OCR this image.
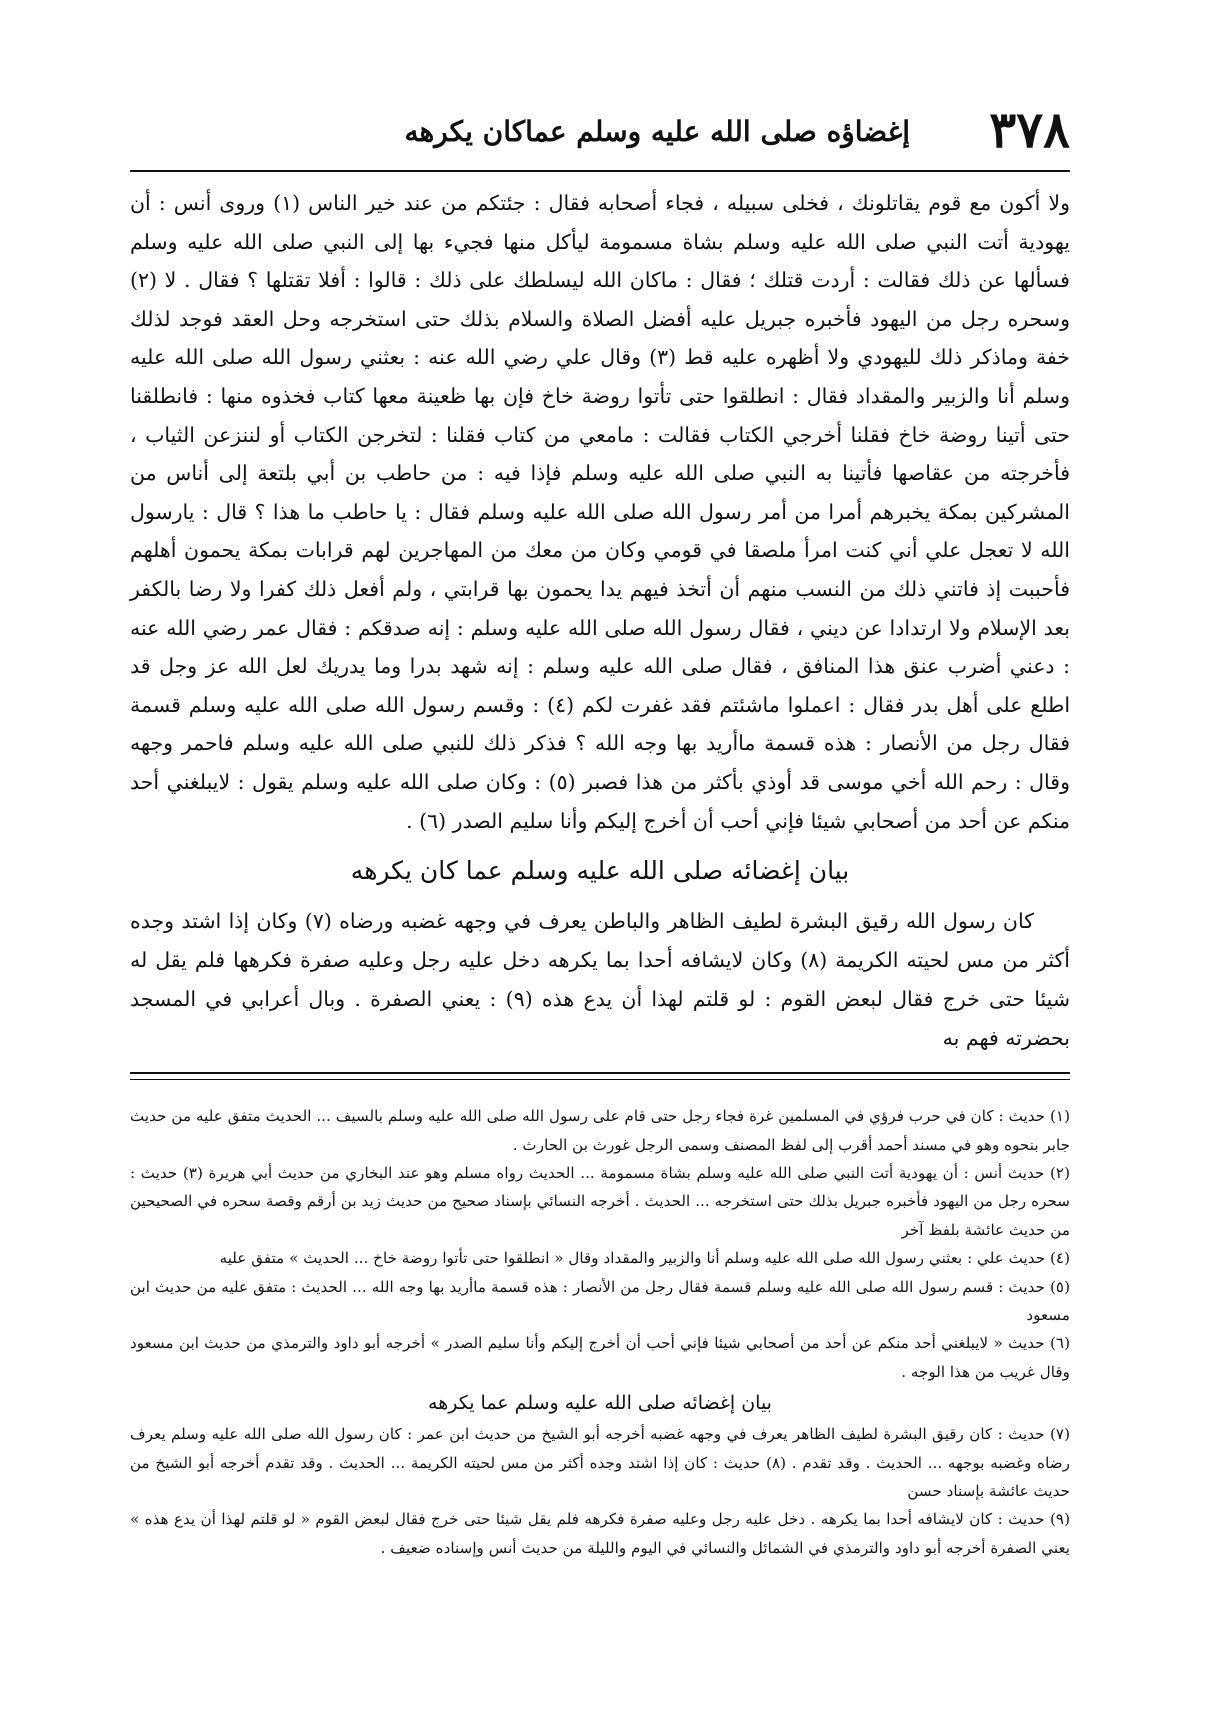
٣٧٨
إغضاؤه صلى الله عليه وسلم عماكان يكرهه

ولا أكون مع قوم يقاتلونك ، فخلى سبيله ، فجاء أصحابه فقال : جئتكم من عند خير الناس (١) وروى أنس : أن يهودية أتت النبي صلى الله عليه وسلم بشاة مسمومة ليأكل منها فجيء بها إلى النبي صلى الله عليه وسلم فسألها عن ذلك فقالت : أردت قتلك ؛ فقال : ماكان الله ليسلطك على ذلك : قالوا : أفلا تقتلها ؟ فقال . لا (٢) وسحره رجل من اليهود فأخبره جبريل عليه أفضل الصلاة والسلام بذلك حتى استخرجه وحل العقد فوجد لذلك خفة وماذكر ذلك لليهودي ولا أظهره عليه قط (٣) وقال علي رضي الله عنه : بعثني رسول الله صلى الله عليه وسلم أنا والزبير والمقداد فقال : انطلقوا حتى تأتوا روضة خاخ فإن بها ظعينة معها كتاب فخذوه منها : فانطلقنا حتى أتينا روضة خاخ فقلنا أخرجي الكتاب فقالت : مامعي من كتاب فقلنا : لتخرجن الكتاب أو لننزعن الثياب ، فأخرجته من عقاصها فأتينا به النبي صلى الله عليه وسلم فإذا فيه : من حاطب بن أبي بلتعة إلى أناس من المشركين بمكة يخبرهم أمرا من أمر رسول الله صلى الله عليه وسلم فقال : يا حاطب ما هذا ؟ قال : يارسول الله لا تعجل علي أني كنت امرأ ملصقا في قومي وكان من معك من المهاجرين لهم قرابات بمكة يحمون أهلهم فأحببت إذ فاتني ذلك من النسب منهم أن أتخذ فيهم يدا يحمون بها قرابتي ، ولم أفعل ذلك كفرا ولا رضا بالكفر بعد الإسلام ولا ارتدادا عن ديني ، فقال رسول الله صلى الله عليه وسلم : إنه صدقكم : فقال عمر رضي الله عنه : دعني أضرب عنق هذا المنافق ، فقال صلى الله عليه وسلم : إنه شهد بدرا وما يدريك لعل الله عز وجل قد اطلع على أهل بدر فقال : اعملوا ماشئتم فقد غفرت لكم (٤) : وقسم رسول الله صلى الله عليه وسلم قسمة فقال رجل من الأنصار : هذه قسمة ماأريد بها وجه الله ؟ فذكر ذلك للنبي صلى الله عليه وسلم فاحمر وجهه وقال : رحم الله أخي موسى قد أوذي بأكثر من هذا فصبر (٥) : وكان صلى الله عليه وسلم يقول : لايبلغني أحد منكم عن أحد من أصحابي شيئا فإني أحب أن أخرج إليكم وأنا سليم الصدر (٦) .

بيان إغضائه صلى الله عليه وسلم عما كان يكرهه

كان رسول الله رقيق البشرة لطيف الظاهر والباطن يعرف في وجهه غضبه ورضاه (٧) وكان إذا اشتد وجده أكثر من مس لحيته الكريمة (٨) وكان لايشافه أحدا بما يكرهه دخل عليه رجل وعليه صفرة فكرهها فلم يقل له شيئا حتى خرج فقال لبعض القوم : لو قلتم لهذا أن يدع هذه (٩) : يعني الصفرة . وبال أعرابي في المسجد بحضرته فهم به

(١) حديث : كان في حرب فرؤي في المسلمين غرة فجاء رجل حتى قام على رسول الله صلى الله عليه وسلم بالسيف ... الحديث متفق عليه من حديث جابر بنحوه وهو في مسند أحمد أقرب إلى لفظ المصنف وسمى الرجل غورث بن الحارث .

(٢) حديث أنس : أن يهودية أتت النبي صلى الله عليه وسلم بشاة مسمومة ... الحديث رواه مسلم وهو عند البخاري من حديث أبي هريرة (٣) حديث : سحره رجل من اليهود فأخبره جبريل بذلك حتى استخرجه ... الحديث . أخرجه النسائي بإسناد صحيح من حديث زيد بن أرقم وقصة سحره في الصحيحين من حديث عائشة بلفظ آخر

(٤) حديث علي : بعثني رسول الله صلى الله عليه وسلم أنا والزبير والمقداد وقال « انطلقوا حتى تأتوا روضة خاخ ... الحديث » متفق عليه

(٥) حديث : قسم رسول الله صلى الله عليه وسلم قسمة فقال رجل من الأنصار : هذه قسمة ماأريد بها وجه الله ... الحديث : متفق عليه من حديث ابن مسعود

(٦) حديث « لايبلغني أحد منكم عن أحد من أصحابي شيئا فإني أحب أن أخرج إليكم وأنا سليم الصدر » أخرجه أبو داود والترمذي من حديث ابن مسعود وقال غريب من هذا الوجه .

بيان إغضائه صلى الله عليه وسلم عما يكرهه

(٧) حديث : كان رقيق البشرة لطيف الظاهر يعرف في وجهه غضبه أخرجه أبو الشيخ من حديث ابن عمر : كان رسول الله صلى الله عليه وسلم يعرف رضاه وغضبه بوجهه ... الحديث . وقد تقدم . (٨) حديث : كان إذا اشتد وجده أكثر من مس لحيته الكريمة ... الحديث . وقد تقدم أخرجه أبو الشيخ من حديث عائشة بإسناد حسن

(٩) حديث : كان لايشافه أحدا بما يكرهه . دخل عليه رجل وعليه صفرة فكرهه فلم يقل شيئا حتى خرج فقال لبعض القوم « لو قلتم لهذا أن يدع هذه » يعني الصفرة أخرجه أبو داود والترمذي في الشمائل والنسائي في اليوم والليلة من حديث أنس وإسناده ضعيف .
